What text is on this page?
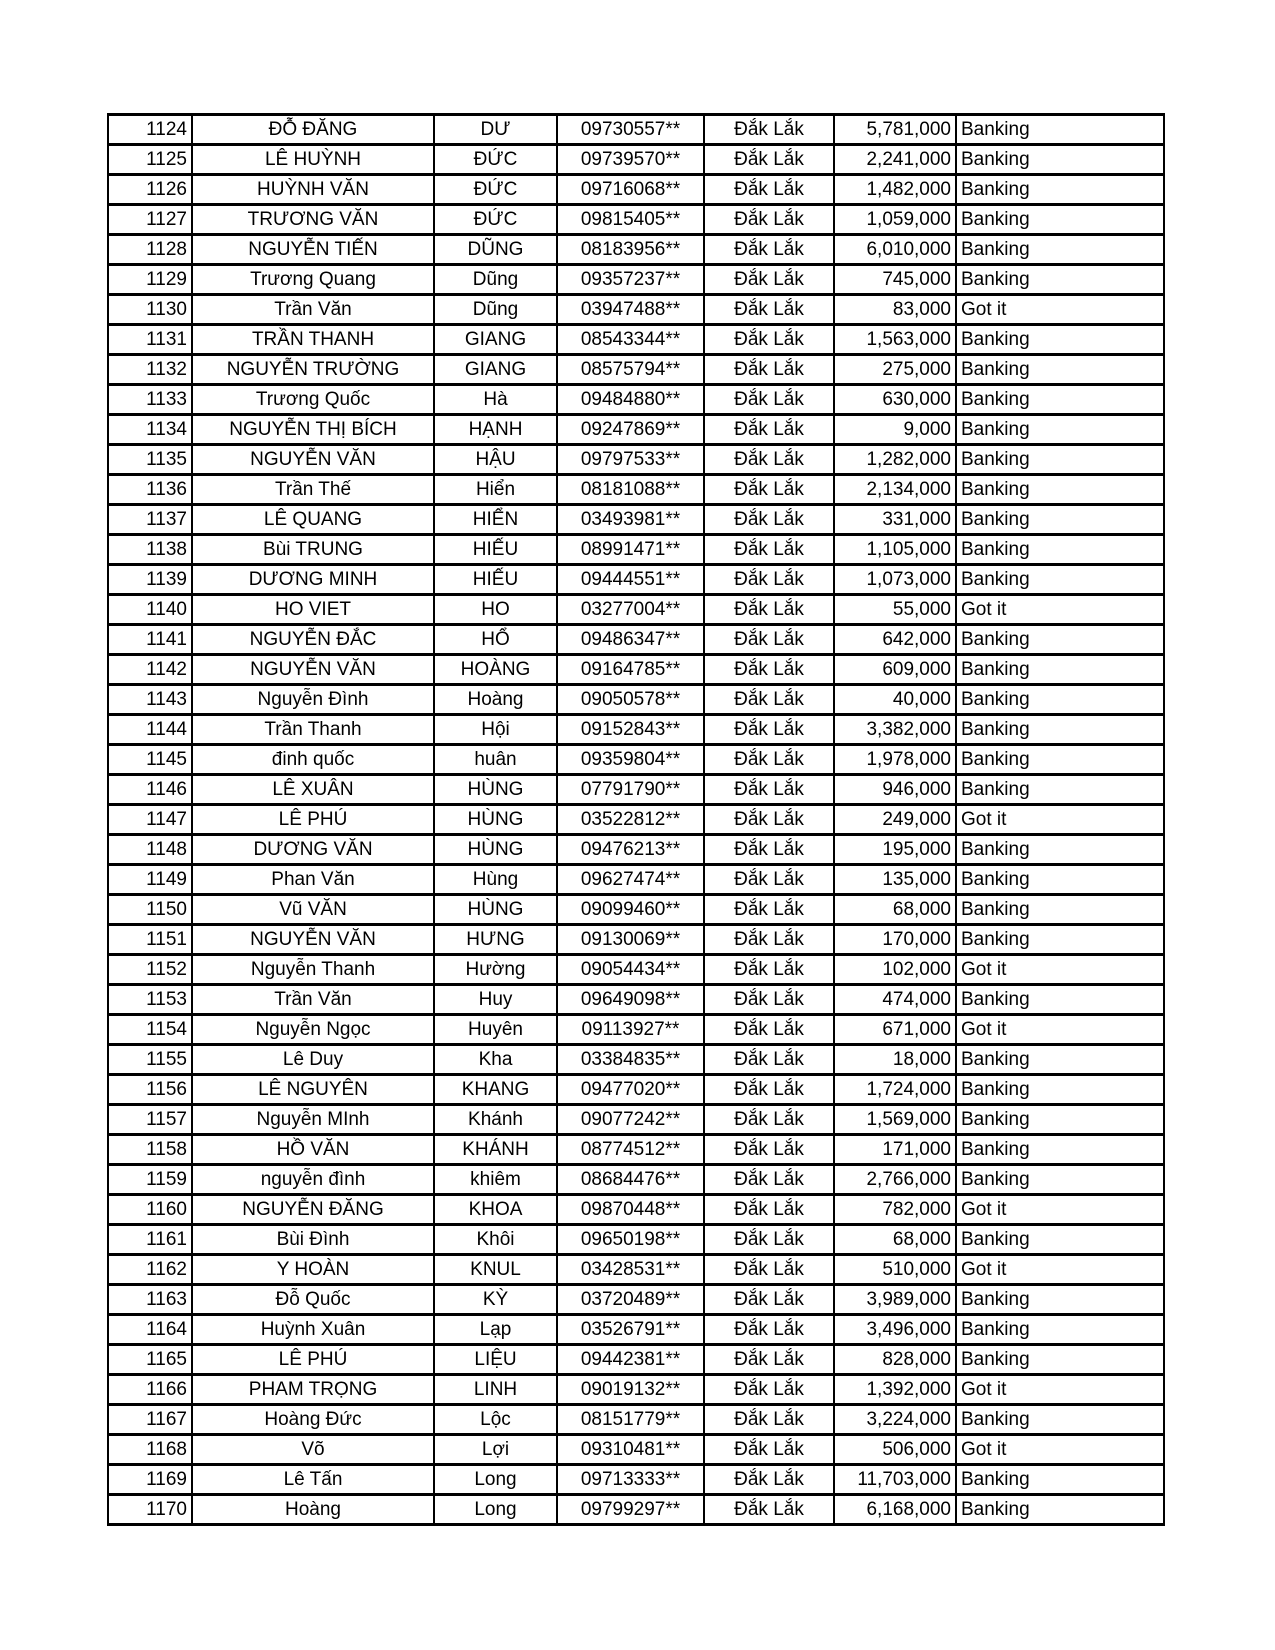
1124	ĐỖ ĐĂNG	DƯ	09730557**	Đắk Lắk	5,781,000	Banking
1125	LÊ HUỲNH	ĐỨC	09739570**	Đắk Lắk	2,241,000	Banking
1126	HUỲNH VĂN	ĐỨC	09716068**	Đắk Lắk	1,482,000	Banking
1127	TRƯƠNG VĂN	ĐỨC	09815405**	Đắk Lắk	1,059,000	Banking
1128	NGUYỄN TIẾN	DŨNG	08183956**	Đắk Lắk	6,010,000	Banking
1129	Trương Quang	Dũng	09357237**	Đắk Lắk	745,000	Banking
1130	Trần Văn	Dũng	03947488**	Đắk Lắk	83,000	Got it
1131	TRẦN THANH	GIANG	08543344**	Đắk Lắk	1,563,000	Banking
1132	NGUYỄN TRƯỜNG	GIANG	08575794**	Đắk Lắk	275,000	Banking
1133	Trương Quốc	Hà	09484880**	Đắk Lắk	630,000	Banking
1134	NGUYỄN THỊ BÍCH	HẠNH	09247869**	Đắk Lắk	9,000	Banking
1135	NGUYỄN VĂN	HẬU	09797533**	Đắk Lắk	1,282,000	Banking
1136	Trần Thế	Hiển	08181088**	Đắk Lắk	2,134,000	Banking
1137	LÊ QUANG	HIỂN	03493981**	Đắk Lắk	331,000	Banking
1138	Bùi TRUNG	HIẾU	08991471**	Đắk Lắk	1,105,000	Banking
1139	DƯƠNG MINH	HIẾU	09444551**	Đắk Lắk	1,073,000	Banking
1140	HO VIET	HO	03277004**	Đắk Lắk	55,000	Got it
1141	NGUYỄN ĐẮC	HỔ	09486347**	Đắk Lắk	642,000	Banking
1142	NGUYỄN VĂN	HOÀNG	09164785**	Đắk Lắk	609,000	Banking
1143	Nguyễn Đình	Hoàng	09050578**	Đắk Lắk	40,000	Banking
1144	Trần Thanh	Hội	09152843**	Đắk Lắk	3,382,000	Banking
1145	đinh quốc	huân	09359804**	Đắk Lắk	1,978,000	Banking
1146	LÊ XUÂN	HÙNG	07791790**	Đắk Lắk	946,000	Banking
1147	LÊ PHÚ	HÙNG	03522812**	Đắk Lắk	249,000	Got it
1148	DƯƠNG VĂN	HÙNG	09476213**	Đắk Lắk	195,000	Banking
1149	Phan Văn	Hùng	09627474**	Đắk Lắk	135,000	Banking
1150	Vũ VĂN	HÙNG	09099460**	Đắk Lắk	68,000	Banking
1151	NGUYỄN VĂN	HƯNG	09130069**	Đắk Lắk	170,000	Banking
1152	Nguyễn Thanh	Hường	09054434**	Đắk Lắk	102,000	Got it
1153	Trần Văn	Huy	09649098**	Đắk Lắk	474,000	Banking
1154	Nguyễn Ngọc	Huyên	09113927**	Đắk Lắk	671,000	Got it
1155	Lê Duy	Kha	03384835**	Đắk Lắk	18,000	Banking
1156	LÊ NGUYÊN	KHANG	09477020**	Đắk Lắk	1,724,000	Banking
1157	Nguyễn MInh	Khánh	09077242**	Đắk Lắk	1,569,000	Banking
1158	HỒ VĂN	KHÁNH	08774512**	Đắk Lắk	171,000	Banking
1159	nguyễn đình	khiêm	08684476**	Đắk Lắk	2,766,000	Banking
1160	NGUYỄN ĐĂNG	KHOA	09870448**	Đắk Lắk	782,000	Got it
1161	Bùi Đình	Khôi	09650198**	Đắk Lắk	68,000	Banking
1162	Y HOÀN	KNUL	03428531**	Đắk Lắk	510,000	Got it
1163	Đỗ Quốc	KỲ	03720489**	Đắk Lắk	3,989,000	Banking
1164	Huỳnh Xuân	Lạp	03526791**	Đắk Lắk	3,496,000	Banking
1165	LÊ PHÚ	LIỆU	09442381**	Đắk Lắk	828,000	Banking
1166	PHAM TRỌNG	LINH	09019132**	Đắk Lắk	1,392,000	Got it
1167	Hoàng Đức	Lộc	08151779**	Đắk Lắk	3,224,000	Banking
1168	Võ	Lợi	09310481**	Đắk Lắk	506,000	Got it
1169	Lê Tấn	Long	09713333**	Đắk Lắk	11,703,000	Banking
1170	Hoàng	Long	09799297**	Đắk Lắk	6,168,000	Banking
